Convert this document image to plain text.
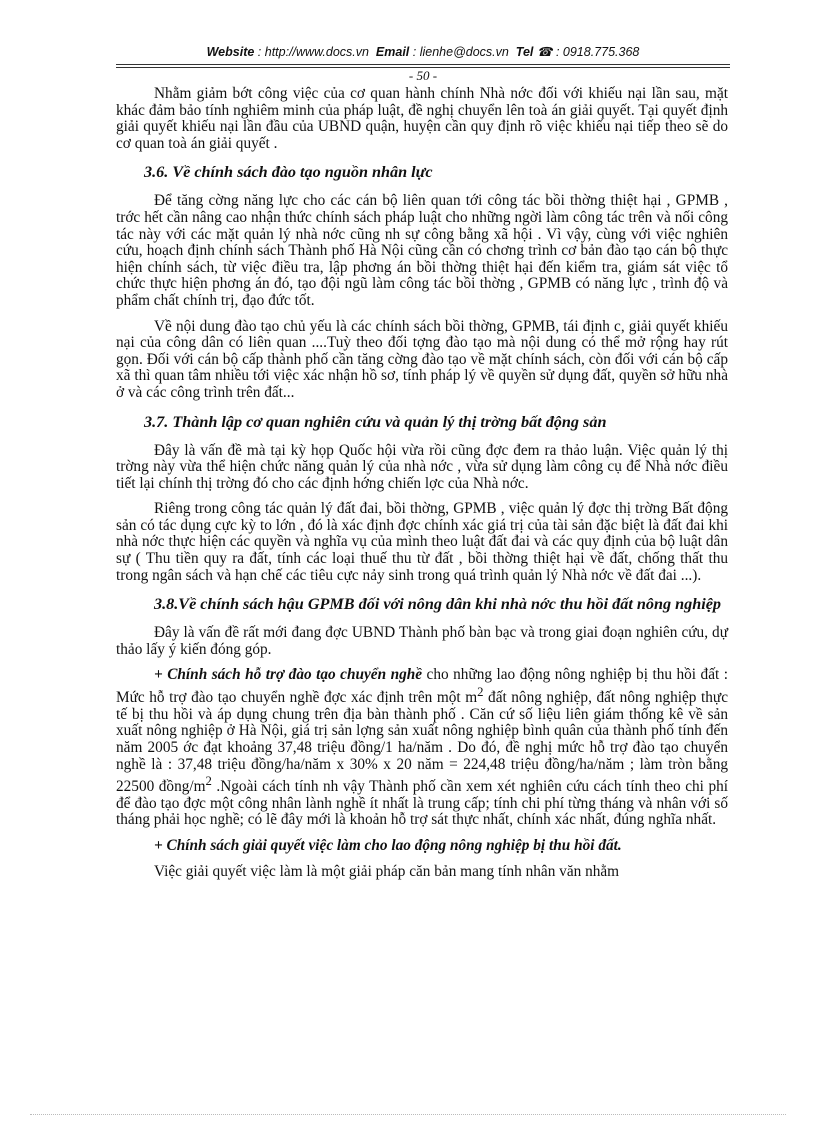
Website : http://www.docs.vn Email : lienhe@docs.vn Tel ☎ : 0918.775.368
- 50 -

Nhằm giảm bớt công việc của cơ quan hành chính Nhà nớc đối với khiếu nại lần sau, mặt khác đảm bảo tính nghiêm minh của pháp luật, đề nghị chuyển lên toà án giải quyết. Tại quyết định giải quyết khiếu nại lần đầu của UBND quận, huyện cần quy định rõ việc khiếu nại tiếp theo sẽ do cơ quan toà án giải quyết .

3.6. Về chính sách đào tạo nguồn nhân lực

Để tăng cờng năng lực cho các cán bộ liên quan tới công tác bồi thờng thiệt hại , GPMB , trớc hết cần nâng cao nhận thức chính sách pháp luật cho những ngời làm công tác trên và nối công tác này với các mặt quản lý nhà nớc cũng nh sự công bằng xã hội . Vì vậy, cùng với việc nghiên cứu, hoạch định chính sách Thành phố Hà Nội cũng cần có chơng trình cơ bản đào tạo cán bộ thực hiện chính sách, từ việc điều tra, lập phơng án bồi thờng thiệt hại đến kiểm tra, giám sát việc tổ chức thực hiện phơng án đó, tạo đội ngũ làm công tác bồi thờng , GPMB có năng lực , trình độ và phẩm chất chính trị, đạo đức tốt.

Về nội dung đào tạo chủ yếu là các chính sách bồi thờng, GPMB, tái định c, giải quyết khiếu nại của công dân có liên quan ....Tuỳ theo đối tợng đào tạo mà nội dung có thể mở rộng hay rút gọn. Đối với cán bộ cấp thành phố cần tăng cờng đào tạo về mặt chính sách, còn đối với cán bộ cấp xã thì quan tâm nhiều tới việc xác nhận hồ sơ, tính pháp lý về quyền sử dụng đất, quyền sở hữu nhà ở và các công trình trên đất...

3.7. Thành lập cơ quan nghiên cứu và quản lý thị trờng bất động sản

Đây là vấn đề mà tại kỳ họp Quốc hội vừa rồi cũng đợc đem ra thảo luận. Việc quản lý thị trờng này vừa thể hiện chức năng quản lý của nhà nớc , vừa sử dụng làm công cụ để Nhà nớc điều tiết lại chính thị trờng đó cho các định hớng chiến lợc của Nhà nớc.

Riêng trong công tác quản lý đất đai, bồi thờng, GPMB , việc quản lý đợc thị trờng Bất động sản có tác dụng cực kỳ to lớn , đó là xác định đợc chính xác giá trị của tài sản đặc biệt là đất đai khi nhà nớc thực hiện các quyền và nghĩa vụ của mình theo luật đất đai và các quy định của bộ luật dân sự ( Thu tiền quy ra đất, tính các loại thuế thu từ đất , bồi thờng thiệt hại về đất, chống thất thu trong ngân sách và hạn chế các tiêu cực nảy sinh trong quá trình quản lý Nhà nớc về đất đai ...).

3.8.Về chính sách hậu GPMB đối với nông dân khi nhà nớc thu hồi đất nông nghiệp

Đây là vấn đề rất mới đang đợc UBND Thành phố bàn bạc và trong giai đoạn nghiên cứu, dự thảo lấy ý kiến đóng góp.

+ Chính sách hỗ trợ đào tạo chuyển nghề cho những lao động nông nghiệp bị thu hồi đất : Mức hỗ trợ đào tạo chuyển nghề đợc xác định trên một $m^2$ đất nông nghiệp, đất nông nghiệp thực tế bị thu hồi và áp dụng chung trên địa bàn thành phố . Căn cứ số liệu liên giám thống kê về sản xuất nông nghiệp ở Hà Nội, giá trị sản lợng sản xuất nông nghiệp bình quân của thành phố tính đến năm 2005 ớc đạt khoảng 37,48 triệu đồng/1 ha/năm . Do đó, đề nghị mức hỗ trợ đào tạo chuyển nghề là : 37,48 triệu đồng/ha/năm x 30% x 20 năm = 224,48 triệu đồng/ha/năm ; làm tròn bằng 22500 đồng/$m^2$ .Ngoài cách tính nh vậy Thành phố cần xem xét nghiên cứu cách tính theo chi phí để đào tạo đợc một công nhân lành nghề ít nhất là trung cấp; tính chi phí từng tháng và nhân với số tháng phải học nghề; có lẽ đây mới là khoản hỗ trợ sát thực nhất, chính xác nhất, đúng nghĩa nhất.

+ Chính sách giải quyết việc làm cho lao động nông nghiệp bị thu hồi đất.

Việc giải quyết việc làm là một giải pháp căn bản mang tính nhân văn nhằm
